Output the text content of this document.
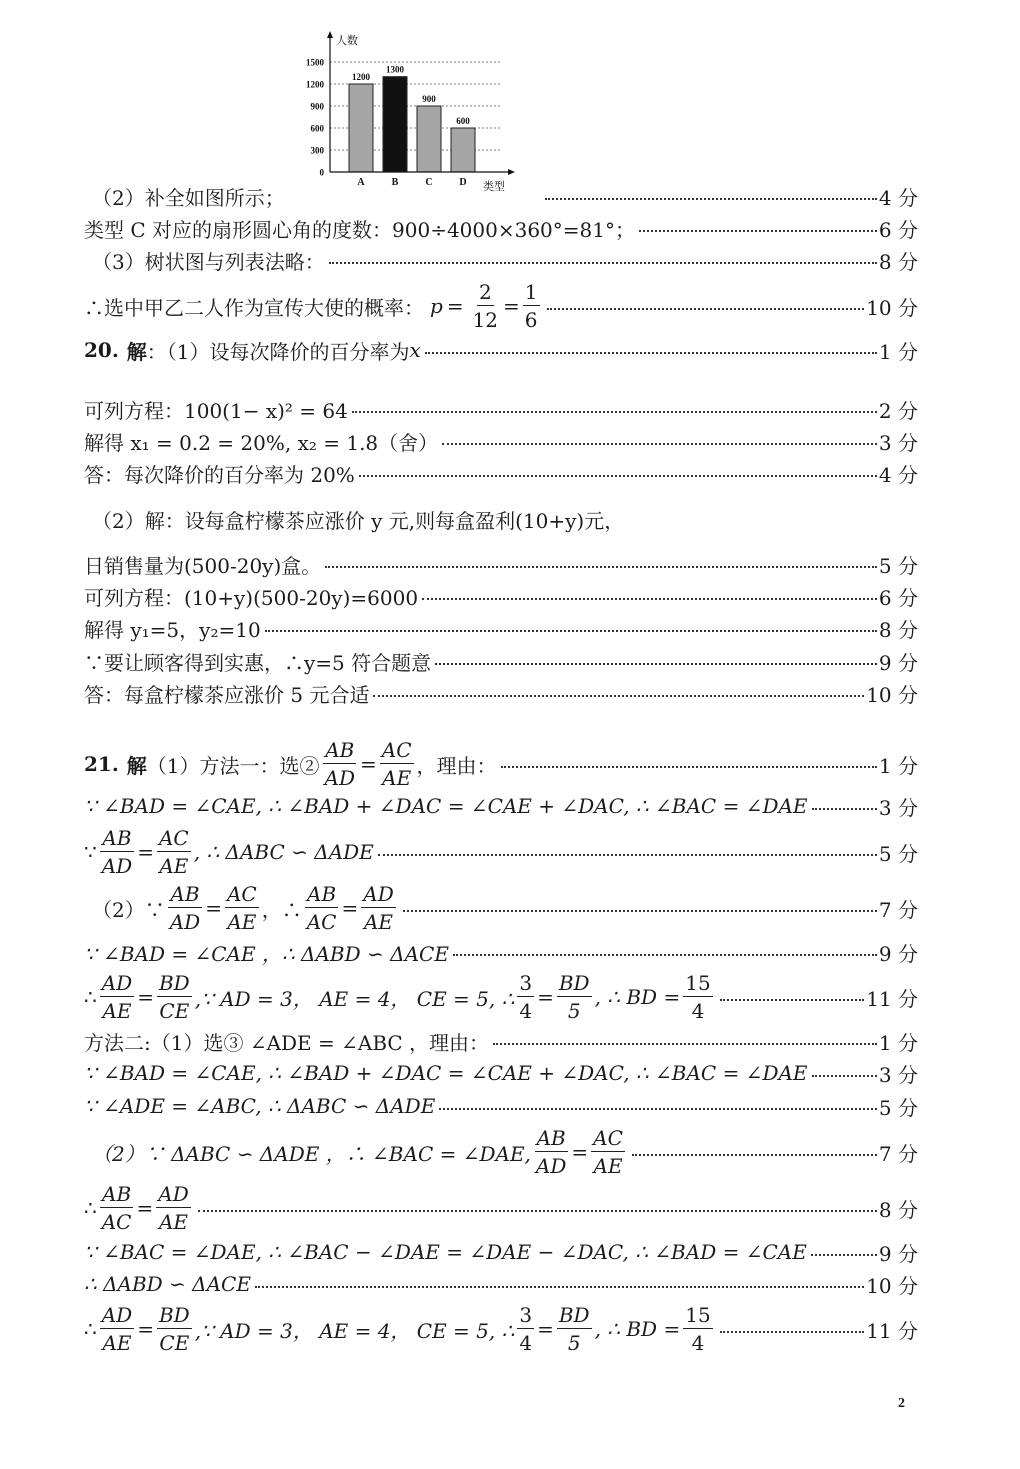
0
300
600
900
1200
1500
A	B	C	D
1200
1300
900
600
人数
类型
（2）补全如图所示；	4 分
类型 C 对应的扇形圆心角的度数：900÷4000×360°=81°；	6 分
（3）树状图与列表法略：	8 分
∴选中甲乙二人作为宣传大使的概率： $p = \frac{2}{12} = \frac{1}{6}$	10 分
20. 解 ：（1）设每次降价的百分率为 x	1 分
可列方程：100(1− x)² = 64	2 分
解得 x₁ = 0.2 = 20%, x₂ = 1.8（舍）	3 分
答：每次降价的百分率为 20%	4 分
（2）解：设每盒柠檬茶应涨价 y 元,则每盒盈利(10+y)元，
日销售量为(500-20y)盒。	5 分
可列方程：(10+y)(500-20y)=6000	6 分
解得 y₁=5，y₂=10	8 分
∵要让顾客得到实惠，∴y=5 符合题意	9 分
答：每盒柠檬茶应涨价 5 元合适	10 分
21. 解 （1）方法一：选② $\frac{AB}{AD} = \frac{AC}{AE}$ ，理由：	1 分
∵ ∠BAD = ∠CAE, ∴ ∠BAD + ∠DAC = ∠CAE + ∠DAC, ∴ ∠BAC = ∠DAE	3 分
∵ $\frac{AB}{AD} = \frac{AC}{AE}$ , ∴ ΔABC ∽ ΔADE	5 分
（2）∵ $\frac{AB}{AD} = \frac{AC}{AE}$ ，∴ $\frac{AB}{AC} = \frac{AD}{AE}$	7 分
∵ ∠BAD = ∠CAE ，∴ ΔABD ∽ ΔACE	9 分
∴ $\frac{AD}{AE} = \frac{BD}{CE}$ ,∵ AD = 3， AE = 4， CE = 5, ∴ $\frac{3}{4} = \frac{BD}{5}$ , ∴ BD = $\frac{15}{4}$	11 分
方法二:（1）选③ ∠ADE = ∠ABC ，理由：	1 分
∵ ∠BAD = ∠CAE, ∴ ∠BAD + ∠DAC = ∠CAE + ∠DAC, ∴ ∠BAC = ∠DAE	3 分
∵ ∠ADE = ∠ABC, ∴ ΔABC ∽ ΔADE	5 分
（2）∵ ΔABC ∽ ΔADE ，∴ ∠BAC = ∠DAE, $\frac{AB}{AD} = \frac{AC}{AE}$	7 分
∴ $\frac{AB}{AC} = \frac{AD}{AE}$	8 分
∵ ∠BAC = ∠DAE, ∴ ∠BAC − ∠DAE = ∠DAE − ∠DAC, ∴ ∠BAD = ∠CAE	9 分
∴ ΔABD ∽ ΔACE	10 分
∴ $\frac{AD}{AE} = \frac{BD}{CE}$ ,∵ AD = 3， AE = 4， CE = 5, ∴ $\frac{3}{4} = \frac{BD}{5}$ , ∴ BD = $\frac{15}{4}$	11 分
2
